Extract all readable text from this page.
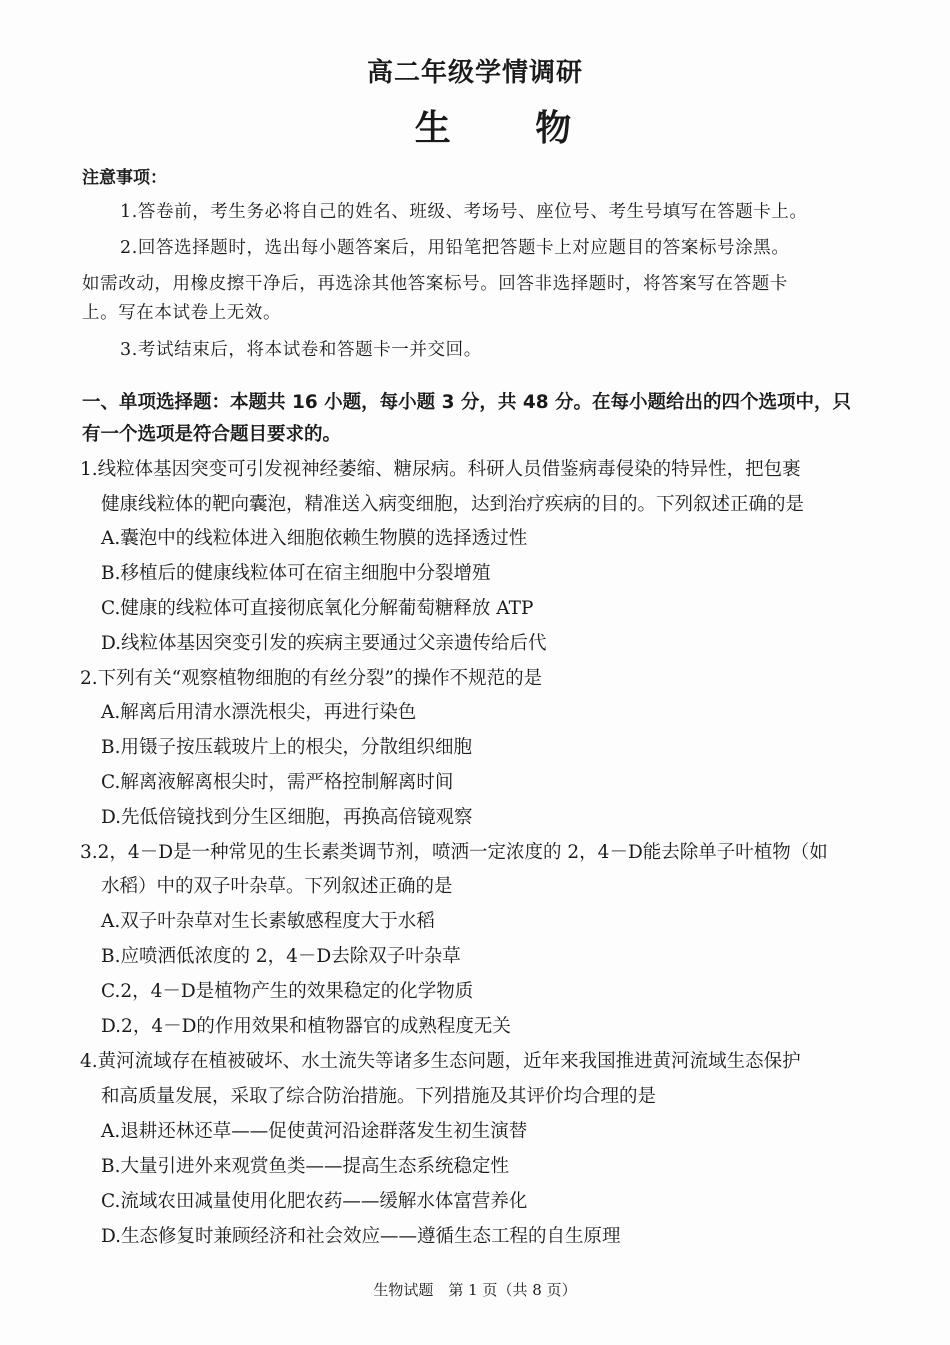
高二年级学情调研
生 物
注意事项：
1.答卷前，考生务必将自己的姓名、班级、考场号、座位号、考生号填写在答题卡上。
2.回答选择题时，选出每小题答案后，用铅笔把答题卡上对应题目的答案标号涂黑。
如需改动，用橡皮擦干净后，再选涂其他答案标号。回答非选择题时，将答案写在答题卡
上。写在本试卷上无效。
3.考试结束后，将本试卷和答题卡一并交回。
一、单项选择题：本题共 16 小题，每小题 3 分，共 48 分。在每小题给出的四个选项中，只
有一个选项是符合题目要求的。
1.线粒体基因突变可引发视神经萎缩、糖尿病。科研人员借鉴病毒侵染的特异性，把包裹
健康线粒体的靶向囊泡，精准送入病变细胞，达到治疗疾病的目的。下列叙述正确的是
A.囊泡中的线粒体进入细胞依赖生物膜的选择透过性
B.移植后的健康线粒体可在宿主细胞中分裂增殖
C.健康的线粒体可直接彻底氧化分解葡萄糖释放 ATP
D.线粒体基因突变引发的疾病主要通过父亲遗传给后代
2.下列有关“观察植物细胞的有丝分裂”的操作不规范的是
A.解离后用清水漂洗根尖，再进行染色
B.用镊子按压载玻片上的根尖，分散组织细胞
C.解离液解离根尖时，需严格控制解离时间
D.先低倍镜找到分生区细胞，再换高倍镜观察
3.2，4－D是一种常见的生长素类调节剂，喷洒一定浓度的 2，4－D能去除单子叶植物（如
水稻）中的双子叶杂草。下列叙述正确的是
A.双子叶杂草对生长素敏感程度大于水稻
B.应喷洒低浓度的 2，4－D去除双子叶杂草
C.2，4－D是植物产生的效果稳定的化学物质
D.2，4－D的作用效果和植物器官的成熟程度无关
4.黄河流域存在植被破坏、水土流失等诸多生态问题，近年来我国推进黄河流域生态保护
和高质量发展，采取了综合防治措施。下列措施及其评价均合理的是
A.退耕还林还草——促使黄河沿途群落发生初生演替
B.大量引进外来观赏鱼类——提高生态系统稳定性
C.流域农田减量使用化肥农药——缓解水体富营养化
D.生态修复时兼顾经济和社会效应——遵循生态工程的自生原理
生物试题　第 1 页（共 8 页）
